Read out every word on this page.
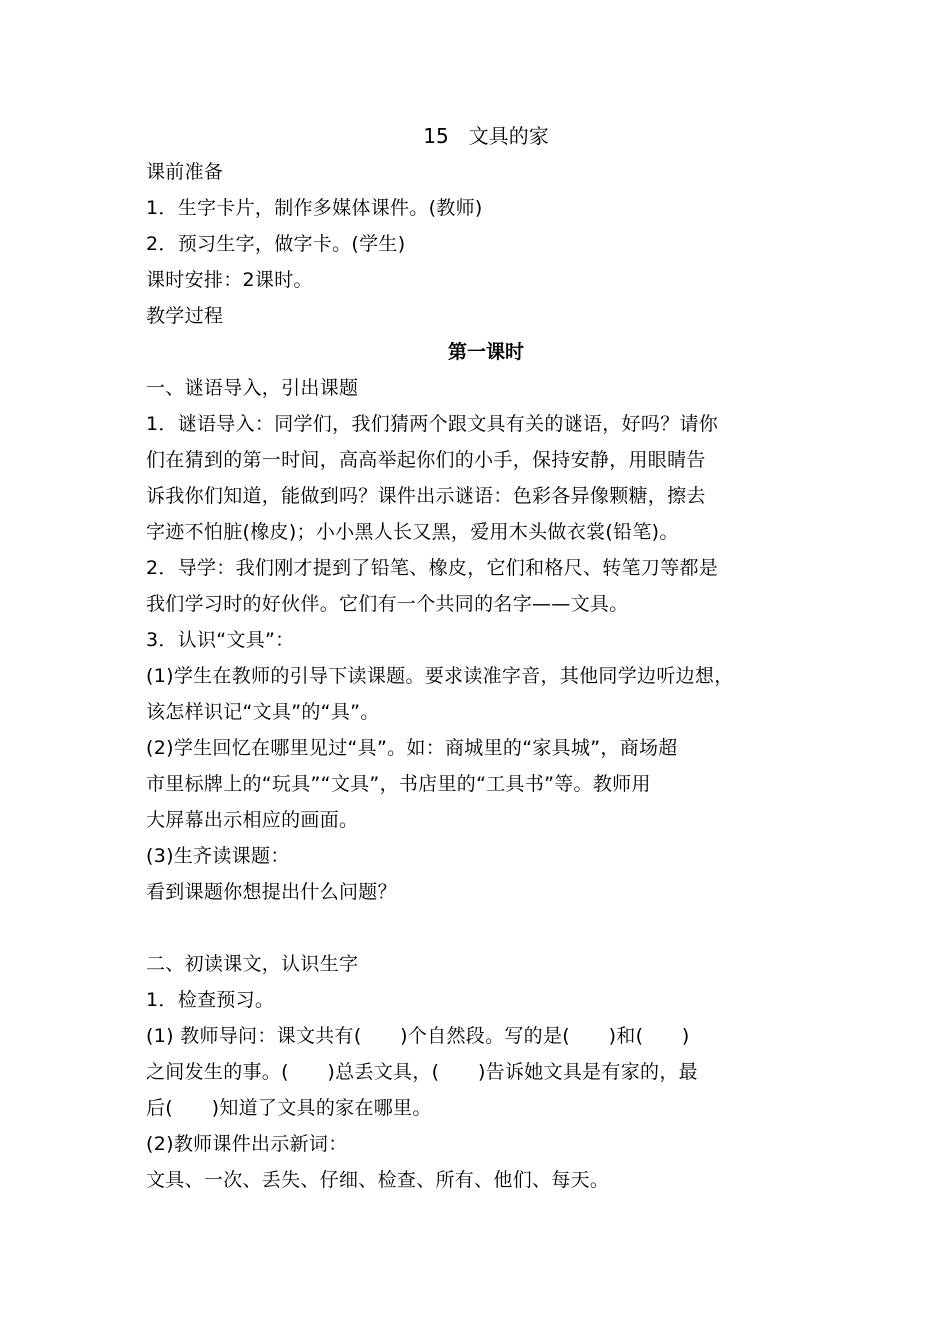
15　文具的家

课前准备

1．生字卡片，制作多媒体课件。(教师)

2．预习生字，做字卡。(学生)

课时安排：2课时。

教学过程

第一课时

一、谜语导入，引出课题

1．谜语导入：同学们，我们猜两个跟文具有关的谜语，好吗？请你

们在猜到的第一时间，高高举起你们的小手，保持安静，用眼睛告

诉我你们知道，能做到吗？课件出示谜语：色彩各异像颗糖，擦去

字迹不怕脏(橡皮)；小小黑人长又黑，爱用木头做衣裳(铅笔)。

2．导学：我们刚才提到了铅笔、橡皮，它们和格尺、转笔刀等都是

我们学习时的好伙伴。它们有一个共同的名字——文具。

3．认识“文具”：

(1)学生在教师的引导下读课题。要求读准字音，其他同学边听边想，

该怎样识记“文具”的“具”。

(2)学生回忆在哪里见过“具”。如：商城里的“家具城”，商场超

市里标牌上的“玩具”“文具”，书店里的“工具书”等。教师用

大屏幕出示相应的画面。

(3)生齐读课题：

看到课题你想提出什么问题？

二、初读课文，认识生字

1．检查预习。

(1) 教师导问：课文共有(　　)个自然段。写的是(　　)和(　　)

之间发生的事。(　　)总丢文具，(　　)告诉她文具是有家的，最

后(　　)知道了文具的家在哪里。

(2)教师课件出示新词：

文具、一次、丢失、仔细、检查、所有、他们、每天。
